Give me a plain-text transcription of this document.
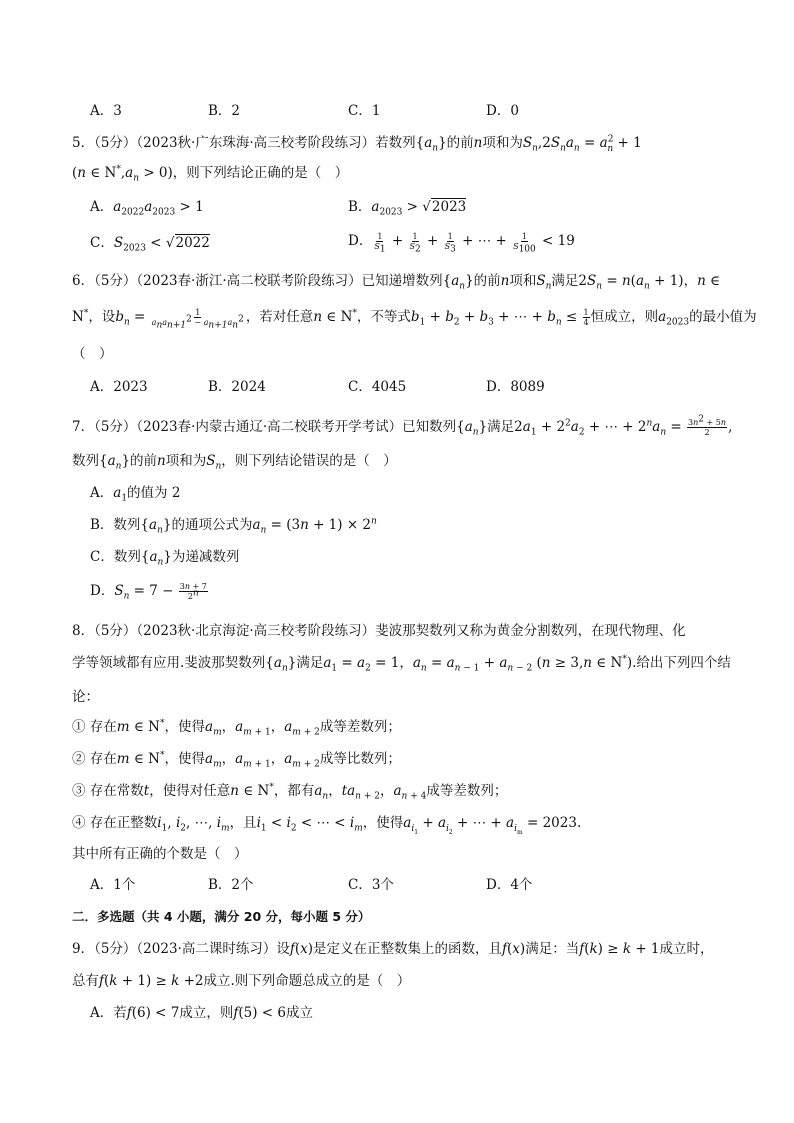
A．3	B．2	C．1	D．0
5．（5分）（2023秋·广东珠海·高三校考阶段练习）若数列$\{a_n\}$的前n项和为$S_n,2S_na_n = a^2_n + 1$
(n ∈ $N^*,a_n > 0$)，则下列结论正确的是（　）
A．$a_{2022}a_{2023} > 1$	B．$a_{2023} > √2023$
C．$S_{2023} < √2022$	D． $\frac{1}{S_1} + \frac{1}{S_2} + \frac{1}{S_3}$ + ⋯ + $\frac{1}{S_{100}} < 19$
6．（5分）（2023春·浙江·高二校联考阶段练习）已知递增数列$\{a_n\}$的前n项和$S_n$满足$2S_n = n(a_n + 1)$，n ∈
N*，设$b_n = \frac{1}{a_na_{n+1}^2 - a_{n+1}a_n^2}$ ，若对任意n ∈ N*，不等式$b_1 + b_2 + b_3$ + ⋯ + $b_n \le \frac{1}{4}$ 恒成立，则$a_{2023}$的最小值为
（　）
A．2023	B．2024	C．4045	D．8089
7．（5分）（2023春·内蒙古通辽·高二校联考开学考试）已知数列$\{a_n\}$满足$2a_1 + 2^2a_2$ + ⋯ + $2^na_n = \frac{3n^2 + 5n}{2}$ ,
数列$\{a_n\}$的前n项和为$S_n$，则下列结论错误的是（　）
A．$a_1$的值为 2
B．数列$\{a_n\}$的通项公式为$a_n = (3n + 1) \times 2^n$
C．数列$\{a_n\}$为递减数列
D．$S_n = 7 - \frac{3n + 7}{2^n}$
8．（5分）（2023秋·北京海淀·高三校考阶段练习）斐波那契数列又称为黄金分割数列，在现代物理、化
学等领域都有应用.斐波那契数列$\{a_n\}$满足$a_1 = a_2 = 1$，$a_n = a_{n - 1} + a_{n - 2}$ (n ≥ 3,n ∈ N*).给出下列四个结
论：
① 存在m ∈ N*，使得$a_m$，$a_{m + 1}$，$a_{m + 2}$成等差数列；
② 存在m ∈ N*，使得$a_m$，$a_{m + 1}$，$a_{m + 2}$成等比数列；
③ 存在常数t，使得对任意n ∈ N*，都有$a_n$，$ta_{n + 2}$，$a_{n + 4}$成等差数列；
④ 存在正整数$i_1$, $i_2$, ⋯, $i_m$，且$i_1 < i_2$ < ⋯ < $i_m$，使得$a_{i_1} + a_{i_2}$ + ⋯ + $a_{i_m} = 2023$.
其中所有正确的个数是（　）
A．1个	B．2个	C．3个	D．4个
二．多选题（共 4 小题，满分 20 分，每小题 5 分）
9．（5分）（2023·高二课时练习）设f(x)是定义在正整数集上的函数，且f(x)满足：当f(k) ≥ k + 1成立时，
总有f(k + 1) ≥ k +2成立.则下列命题总成立的是（　）
A．若f(6) < 7成立，则f(5) < 6成立
